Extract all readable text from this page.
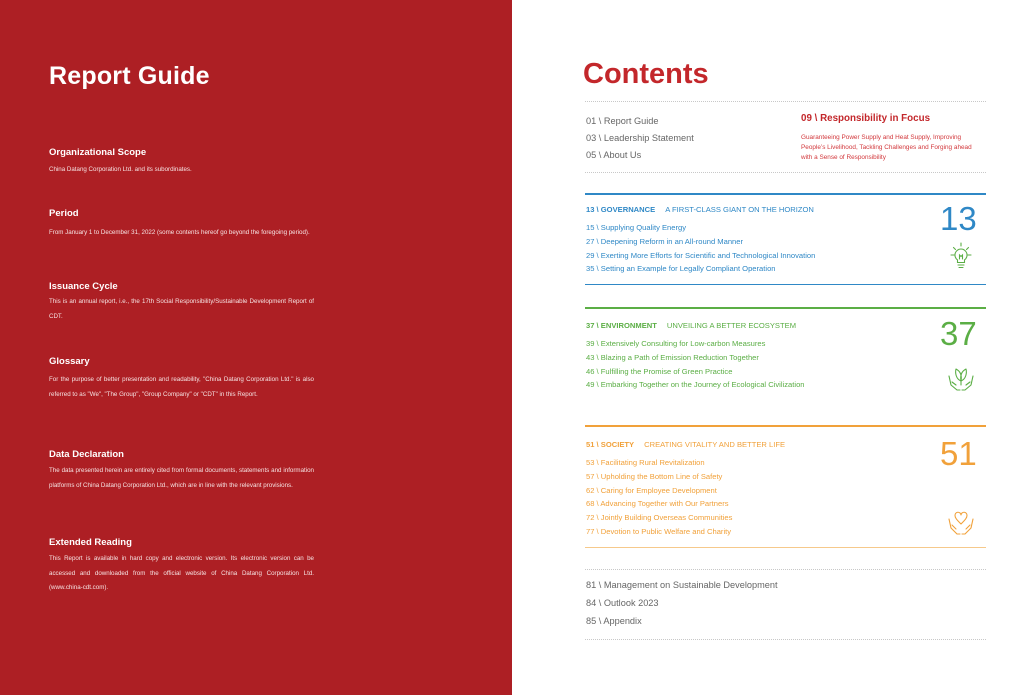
Report Guide
Organizational Scope
China Datang Corporation Ltd. and its subordinates.
Period
From January 1 to December 31, 2022 (some contents hereof go beyond the foregoing period).
Issuance Cycle
This is an annual report, i.e., the 17th Social Responsibility/Sustainable Development Report of CDT.
Glossary
For the purpose of better presentation and readability, "China Datang Corporation Ltd." is also referred to as "We", "The Group", "Group Company" or "CDT" in this Report.
Data Declaration
The data presented herein are entirely cited from formal documents, statements and information platforms of China Datang Corporation Ltd., which are in line with the relevant provisions.
Extended Reading
This Report is available in hard copy and electronic version. Its electronic version can be accessed and downloaded from the official website of China Datang Corporation Ltd. (www.china-cdt.com).
Contents
01 \ Report Guide
03 \ Leadership Statement
05 \ About Us
09 \ Responsibility in Focus
Guaranteeing Power Supply and Heat Supply, Improving People’s Livelihood, Tackling Challenges and Forging ahead with a Sense of Responsibility
13 \ GOVERNANCE A FIRST-CLASS GIANT ON THE HORIZON
15 \ Supplying Quality Energy
27 \ Deepening Reform in an All-round Manner
29 \ Exerting More Efforts for Scientific and Technological Innovation
35 \ Setting an Example for Legally Compliant Operation
13
37 \ ENVIRONMENT UNVEILING A BETTER ECOSYSTEM
39 \ Extensively Consulting for Low-carbon Measures
43 \ Blazing a Path of Emission Reduction Together
46 \ Fulfilling the Promise of Green Practice
49 \ Embarking Together on the Journey of Ecological Civilization
37
51 \ SOCIETY CREATING VITALITY AND BETTER LIFE
53 \ Facilitating Rural Revitalization
57 \ Upholding the Bottom Line of Safety
62 \ Caring for Employee Development
68 \ Advancing Together with Our Partners
72 \ Jointly Building Overseas Communities
77 \ Devotion to Public Welfare and Charity
51
81 \ Management on Sustainable Development
84 \ Outlook 2023
85 \ Appendix
